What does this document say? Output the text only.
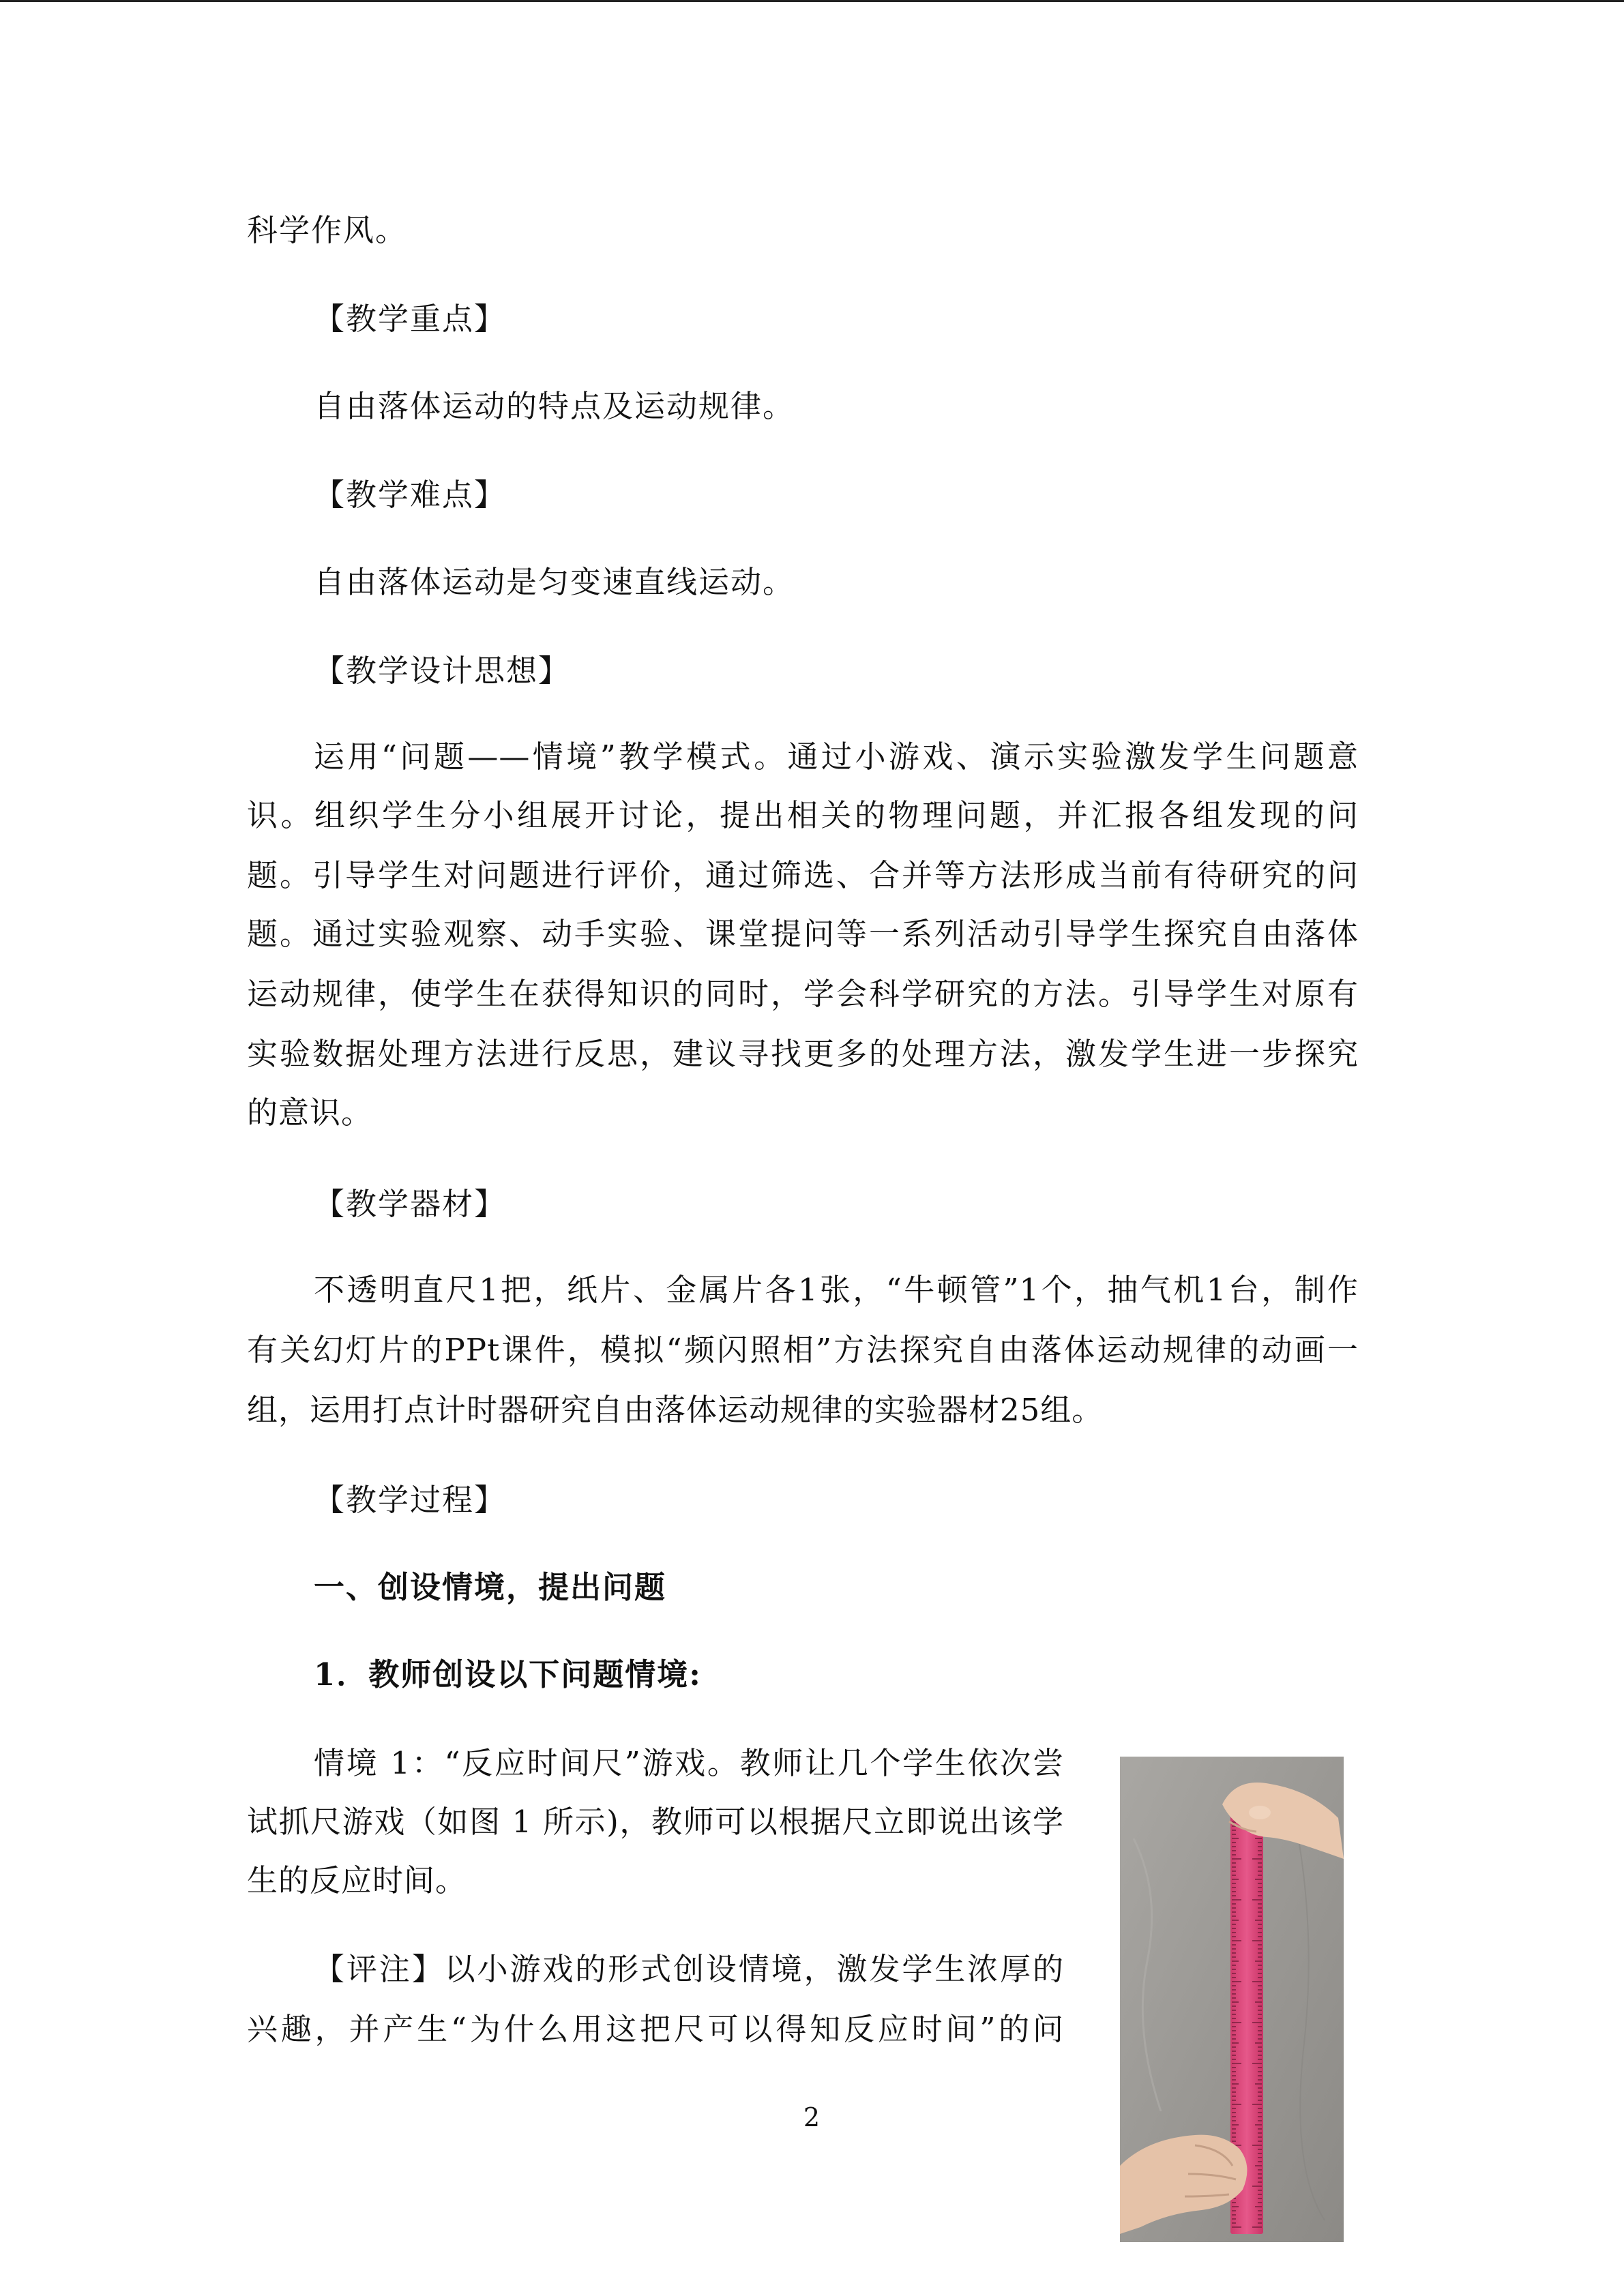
科学作风。
【教学重点】
自由落体运动的特点及运动规律。
【教学难点】
自由落体运动是匀变速直线运动。
【教学设计思想】
运用“问题——情境”教学模式。通过小游戏、演示实验激发学生问题意
识。组织学生分小组展开讨论，提出相关的物理问题，并汇报各组发现的问
题。引导学生对问题进行评价，通过筛选、合并等方法形成当前有待研究的问
题。通过实验观察、动手实验、课堂提问等一系列活动引导学生探究自由落体
运动规律，使学生在获得知识的同时，学会科学研究的方法。引导学生对原有
实验数据处理方法进行反思，建议寻找更多的处理方法，激发学生进一步探究
的意识。
【教学器材】
不透明直尺1把，纸片、金属片各1张，“牛顿管”1个，抽气机1台，制作
有关幻灯片的PPt课件，模拟“频闪照相”方法探究自由落体运动规律的动画一
组，运用打点计时器研究自由落体运动规律的实验器材25组。
【教学过程】
一、创设情境，提出问题
1．教师创设以下问题情境:
情境 1：“反应时间尺”游戏。教师让几个学生依次尝
试抓尺游戏（如图 1 所示)，教师可以根据尺立即说出该学
生的反应时间。
【评注】以小游戏的形式创设情境，激发学生浓厚的
兴趣，并产生“为什么用这把尺可以得知反应时间”的问
2
